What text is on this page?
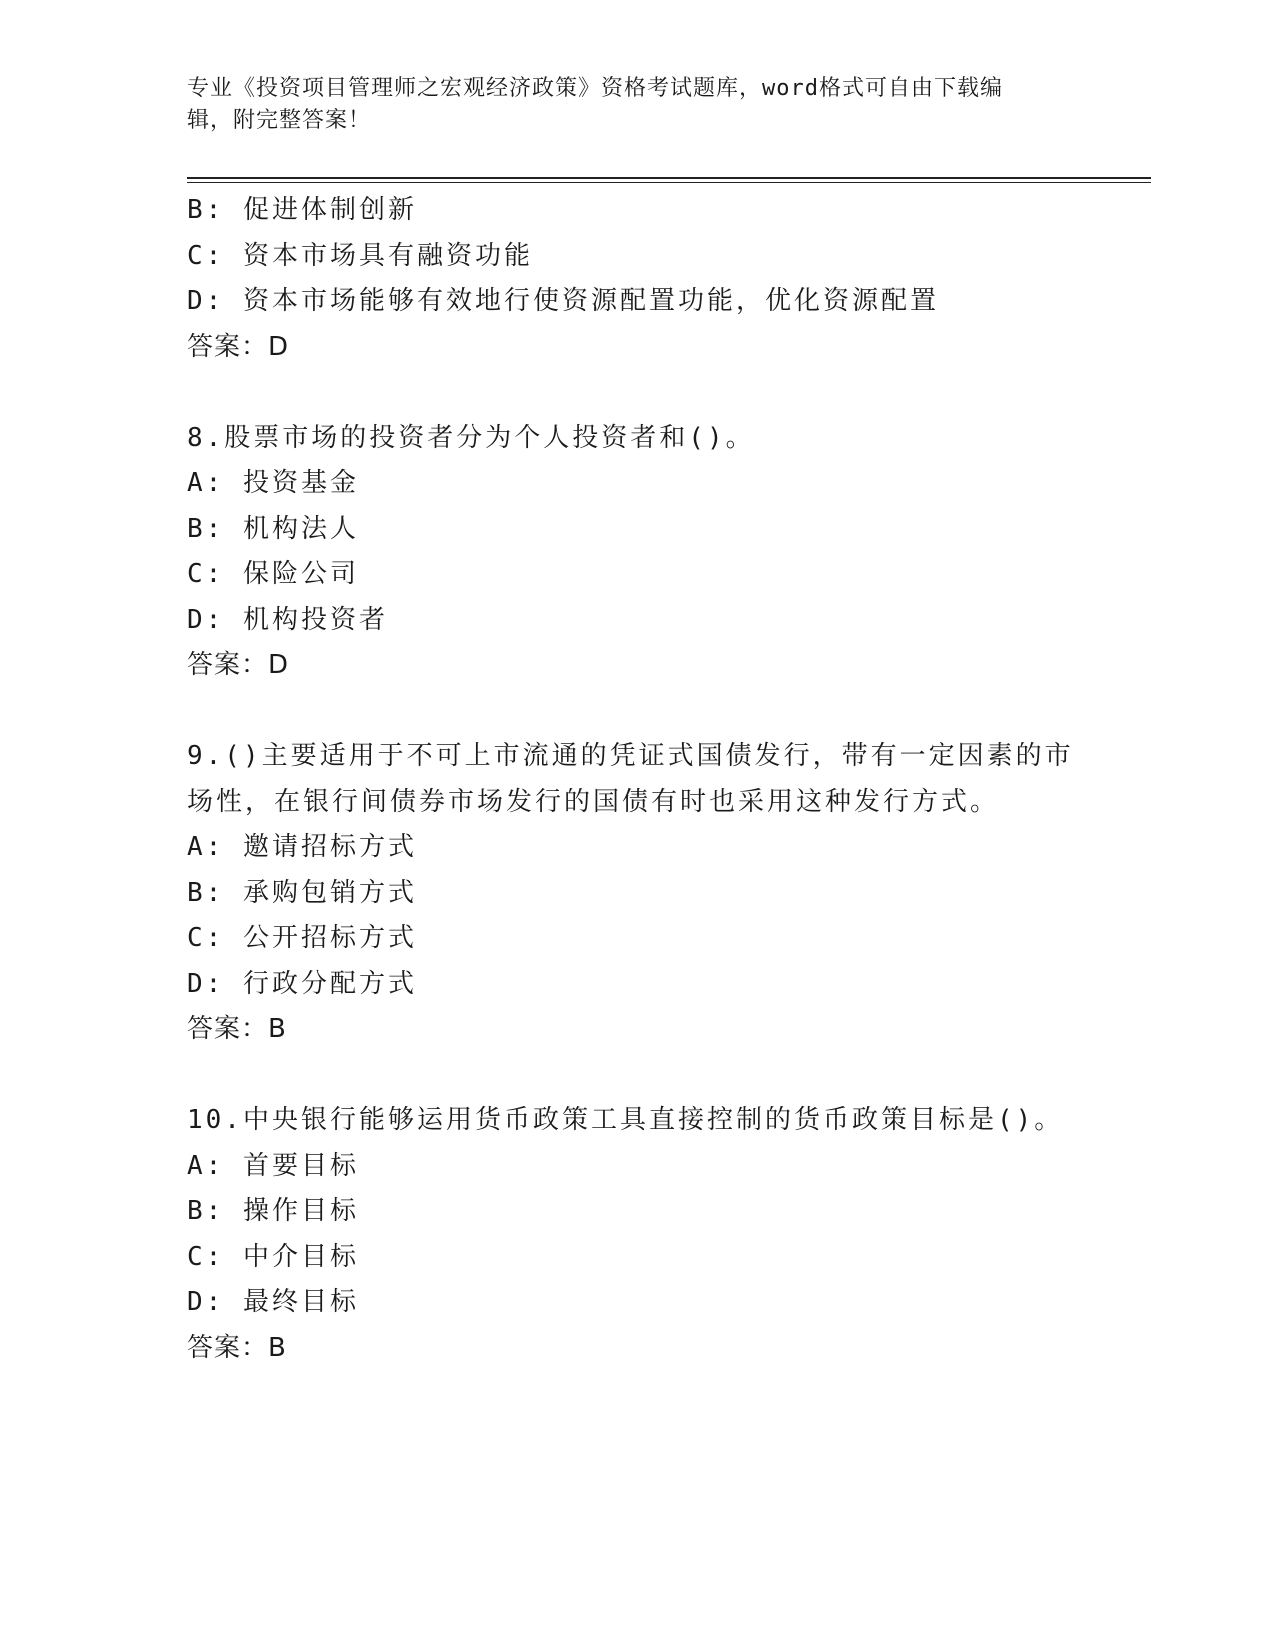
专业《投资项目管理师之宏观经济政策》资格考试题库，word格式可自由下载编
辑，附完整答案！
B: 促进体制创新
C: 资本市场具有融资功能
D: 资本市场能够有效地行使资源配置功能，优化资源配置
答案：D
8.股票市场的投资者分为个人投资者和()。
A: 投资基金
B: 机构法人
C: 保险公司
D: 机构投资者
答案：D
9.()主要适用于不可上市流通的凭证式国债发行，带有一定因素的市
场性，在银行间债券市场发行的国债有时也采用这种发行方式。
A: 邀请招标方式
B: 承购包销方式
C: 公开招标方式
D: 行政分配方式
答案：B
10.中央银行能够运用货币政策工具直接控制的货币政策目标是()。
A: 首要目标
B: 操作目标
C: 中介目标
D: 最终目标
答案：B
